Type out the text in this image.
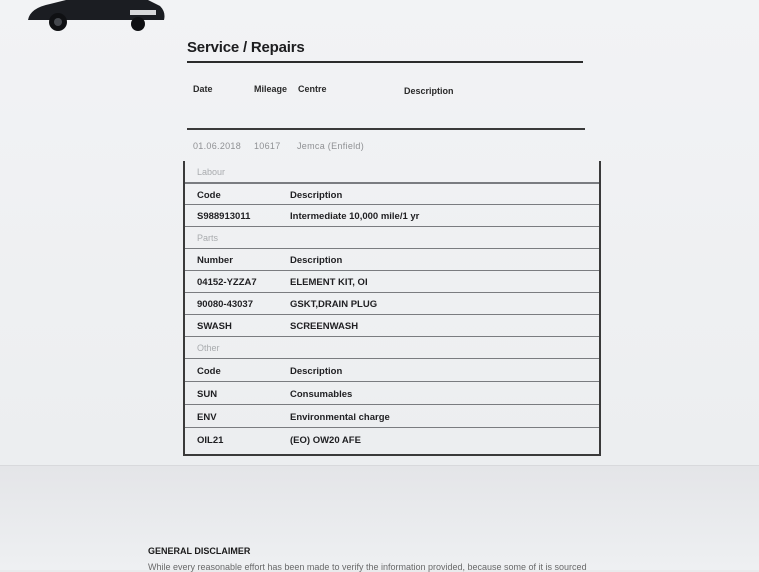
Service / Repairs
Date	Mileage Centre	Description
01.06.2018 10617 Jemca (Enfield)
Labour
Code	Description
S988913011	Intermediate 10,000 mile/1 yr
Parts
Number	Description
04152-YZZA7	ELEMENT KIT, OI
90080-43037	GSKT,DRAIN PLUG
SWASH	SCREENWASH
Other
Code	Description
SUN	Consumables
ENV	Environmental charge
OIL21	(EO) OW20 AFE
GENERAL DISCLAIMER
While every reasonable effort has been made to verify the information provided, because some of it is sourced
